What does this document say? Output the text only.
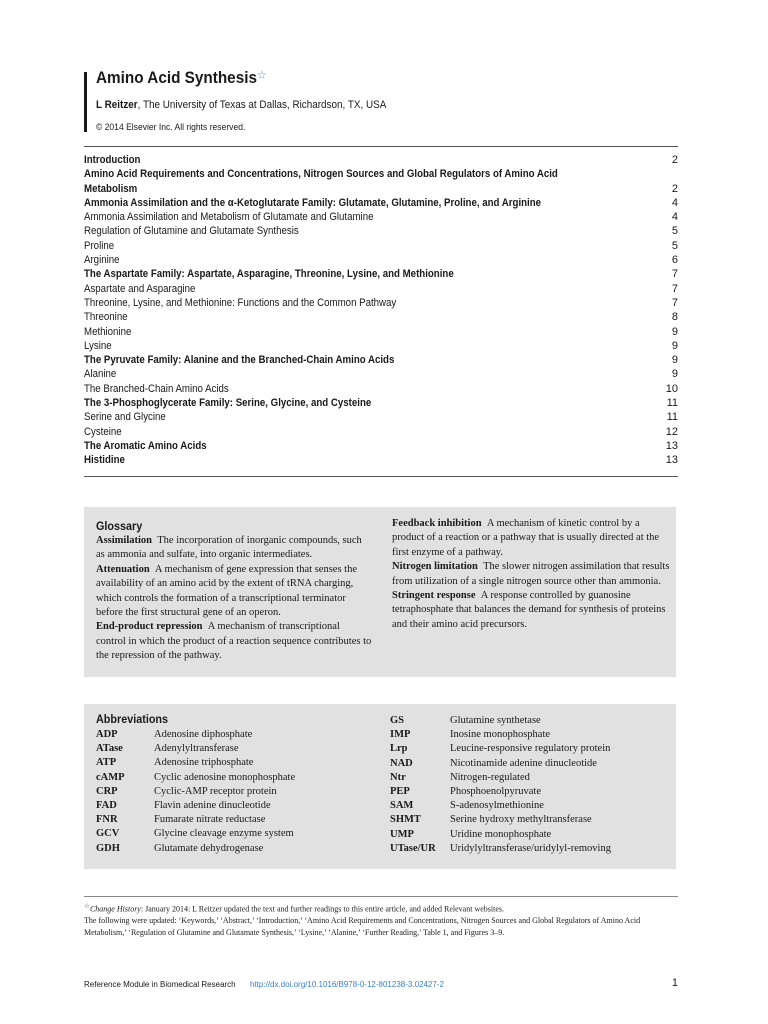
Amino Acid Synthesis☆
L Reitzer, The University of Texas at Dallas, Richardson, TX, USA
© 2014 Elsevier Inc. All rights reserved.
Introduction	2
Amino Acid Requirements and Concentrations, Nitrogen Sources and Global Regulators of Amino Acid
Metabolism	2
Ammonia Assimilation and the α-Ketoglutarate Family: Glutamate, Glutamine, Proline, and Arginine	4
Ammonia Assimilation and Metabolism of Glutamate and Glutamine	4
Regulation of Glutamine and Glutamate Synthesis	5
Proline	5
Arginine	6
The Aspartate Family: Aspartate, Asparagine, Threonine, Lysine, and Methionine	7
Aspartate and Asparagine	7
Threonine, Lysine, and Methionine: Functions and the Common Pathway	7
Threonine	8
Methionine	9
Lysine	9
The Pyruvate Family: Alanine and the Branched-Chain Amino Acids	9
Alanine	9
The Branched-Chain Amino Acids	10
The 3-Phosphoglycerate Family: Serine, Glycine, and Cysteine	11
Serine and Glycine	11
Cysteine	12
The Aromatic Amino Acids	13
Histidine	13
Glossary
Assimilation  The incorporation of inorganic compounds, such as ammonia and sulfate, into organic intermediates.
Attenuation  A mechanism of gene expression that senses the availability of an amino acid by the extent of tRNA charging, which controls the formation of a transcriptional terminator before the first structural gene of an operon.
End-product repression  A mechanism of transcriptional control in which the product of a reaction sequence contributes to the repression of the pathway.
Feedback inhibition  A mechanism of kinetic control by a product of a reaction or a pathway that is usually directed at the first enzyme of a pathway.
Nitrogen limitation  The slower nitrogen assimilation that results from utilization of a single nitrogen source other than ammonia.
Stringent response  A response controlled by guanosine tetraphosphate that balances the demand for synthesis of proteins and their amino acid precursors.
Abbreviations
ADP	Adenosine diphosphate
ATase	Adenylyltransferase
ATP	Adenosine triphosphate
cAMP	Cyclic adenosine monophosphate
CRP	Cyclic-AMP receptor protein
FAD	Flavin adenine dinucleotide
FNR	Fumarate nitrate reductase
GCV	Glycine cleavage enzyme system
GDH	Glutamate dehydrogenase
GS	Glutamine synthetase
IMP	Inosine monophosphate
Lrp	Leucine-responsive regulatory protein
NAD	Nicotinamide adenine dinucleotide
Ntr	Nitrogen-regulated
PEP	Phosphoenolpyruvate
SAM	S-adenosylmethionine
SHMT	Serine hydroxy methyltransferase
UMP	Uridine monophosphate
UTase/UR	Uridylyltransferase/uridylyl-removing
☆Change History: January 2014: L Reitzer updated the text and further readings to this entire article, and added Relevant websites.
The following were updated: ‘Keywords,’ ‘Abstract,’ ‘Introduction,’ ‘Amino Acid Requirements and Concentrations, Nitrogen Sources and Global Regulators of Amino Acid Metabolism,’ ‘Regulation of Glutamine and Glutamate Synthesis,’ ‘Lysine,’ ‘Alanine,’ ‘Further Reading,’ Table 1, and Figures 3–9.
Reference Module in Biomedical Research http://dx.doi.org/10.1016/B978-0-12-801238-3.02427-2	1
